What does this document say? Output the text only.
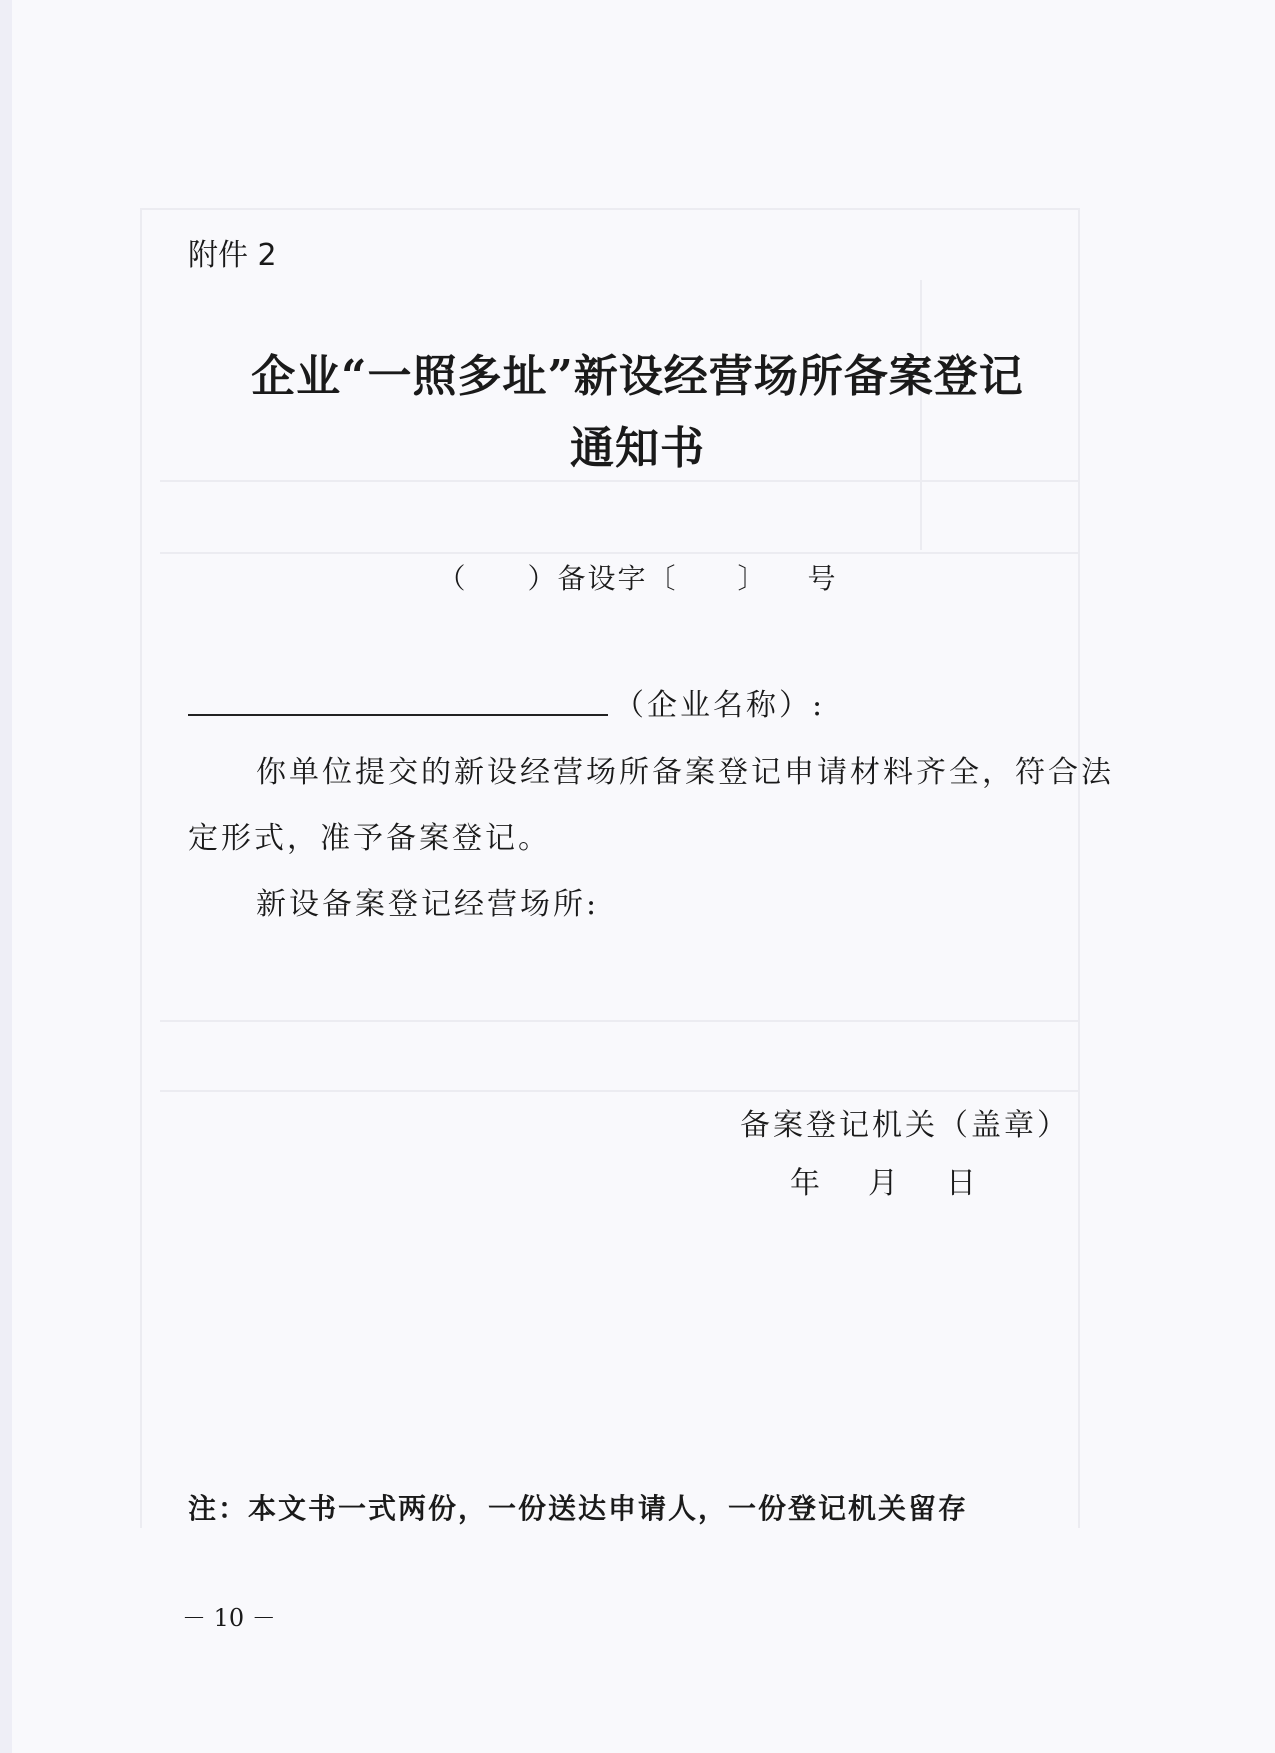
附件 2
企业“一照多址”新设经营场所备案登记
通知书
（ ）备设字〔 〕 号
（企业名称）:
你单位提交的新设经营场所备案登记申请材料齐全，符合法定形式，准予备案登记。
新设备案登记经营场所:
备案登记机关（盖章）
年 月 日
注：本文书一式两份，一份送达申请人，一份登记机关留存
－ 10 －
